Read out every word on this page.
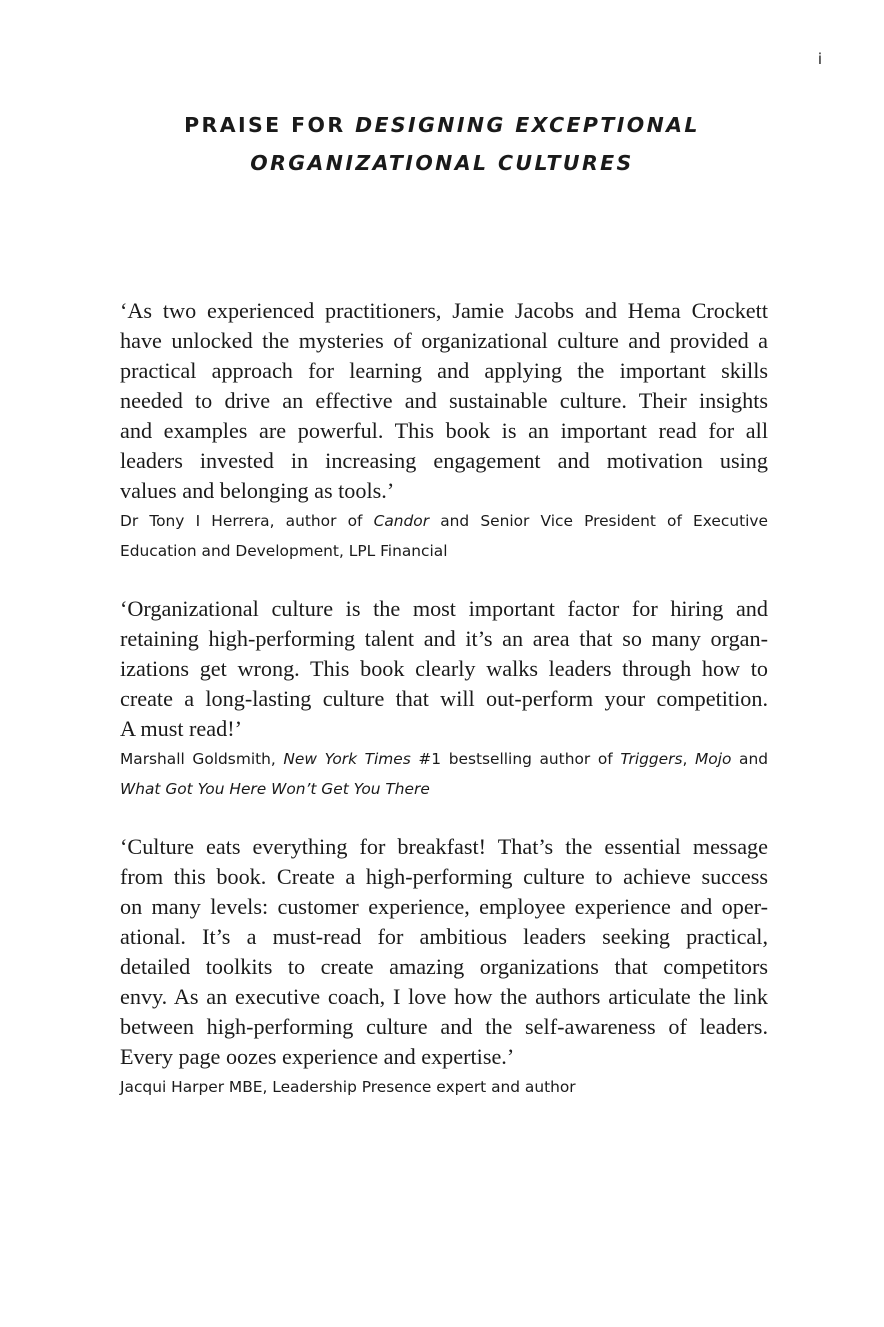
i
PRAISE FOR DESIGNING EXCEPTIONAL
ORGANIZATIONAL CULTURES
‘As two experienced practitioners, Jamie Jacobs and Hema Crockett
have unlocked the mysteries of organizational culture and provided a
practical approach for learning and applying the important skills
needed to drive an effective and sustainable culture. Their insights
and examples are powerful. This book is an important read for all
leaders invested in increasing engagement and motivation using
values and belonging as tools.’
Dr Tony I Herrera, author of Candor and Senior Vice President of Executive
Education and Development, LPL Financial
‘Organizational culture is the most important factor for hiring and
retaining high-performing talent and it’s an area that so many organ-
izations get wrong. This book clearly walks leaders through how to
create a long-lasting culture that will out-perform your competition.
A must read!’
Marshall Goldsmith, New York Times #1 bestselling author of Triggers, Mojo and
What Got You Here Won’t Get You There
‘Culture eats everything for breakfast! That’s the essential message
from this book. Create a high-performing culture to achieve success
on many levels: customer experience, employee experience and oper-
ational. It’s a must-read for ambitious leaders seeking practical,
detailed toolkits to create amazing organizations that competitors
envy. As an executive coach, I love how the authors articulate the link
between high-performing culture and the self-awareness of leaders.
Every page oozes experience and expertise.’
Jacqui Harper MBE, Leadership Presence expert and author
